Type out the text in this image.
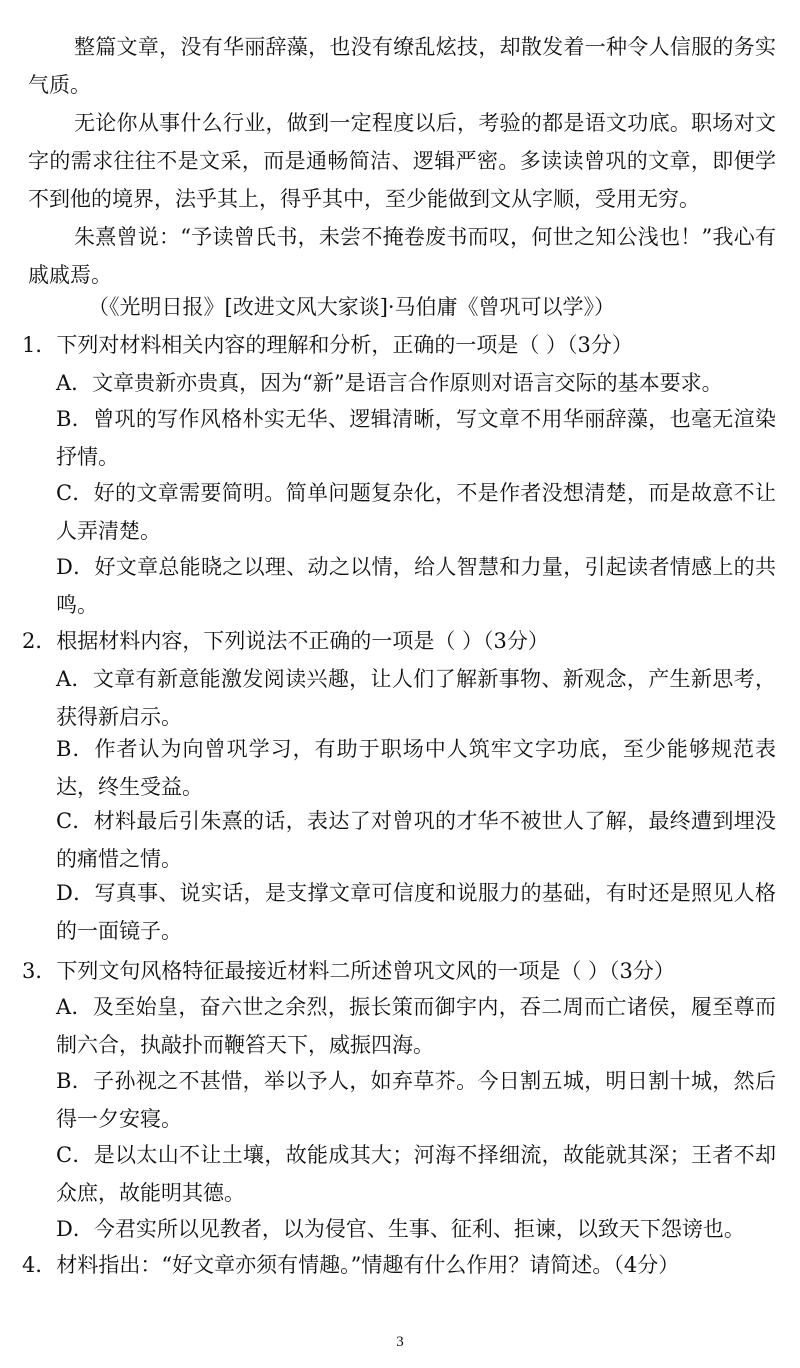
整篇文章，没有华丽辞藻，也没有缭乱炫技，却散发着一种令人信服的务实气质。
无论你从事什么行业，做到一定程度以后，考验的都是语文功底。职场对文字的需求往往不是文采，而是通畅简洁、逻辑严密。多读读曾巩的文章，即便学不到他的境界，法乎其上，得乎其中，至少能做到文从字顺，受用无穷。
朱熹曾说：“予读曾氏书，未尝不掩卷废书而叹，何世之知公浅也！”我心有戚戚焉。
（《光明日报》[改进文风大家谈]·马伯庸《曾巩可以学》）
1．下列对材料相关内容的理解和分析，正确的一项是（ ）（3分）
A．文章贵新亦贵真，因为“新”是语言合作原则对语言交际的基本要求。
B．曾巩的写作风格朴实无华、逻辑清晰，写文章不用华丽辞藻，也毫无渲染抒情。
C．好的文章需要简明。简单问题复杂化，不是作者没想清楚，而是故意不让人弄清楚。
D．好文章总能晓之以理、动之以情，给人智慧和力量，引起读者情感上的共鸣。
2．根据材料内容，下列说法不正确的一项是（ ）（3分）
A．文章有新意能激发阅读兴趣，让人们了解新事物、新观念，产生新思考，获得新启示。
B．作者认为向曾巩学习，有助于职场中人筑牢文字功底，至少能够规范表达，终生受益。
C．材料最后引朱熹的话，表达了对曾巩的才华不被世人了解，最终遭到埋没的痛惜之情。
D．写真事、说实话，是支撑文章可信度和说服力的基础，有时还是照见人格的一面镜子。
3．下列文句风格特征最接近材料二所述曾巩文风的一项是（ ）（3分）
A．及至始皇，奋六世之余烈，振长策而御宇内，吞二周而亡诸侯，履至尊而制六合，执敲扑而鞭笞天下，威振四海。
B．子孙视之不甚惜，举以予人，如弃草芥。今日割五城，明日割十城，然后得一夕安寝。
C．是以太山不让土壤，故能成其大；河海不择细流，故能就其深；王者不却众庶，故能明其德。
D．今君实所以见教者，以为侵官、生事、征利、拒谏，以致天下怨谤也。
4．材料指出：“好文章亦须有情趣。”情趣有什么作用？请简述。（4分）
3
